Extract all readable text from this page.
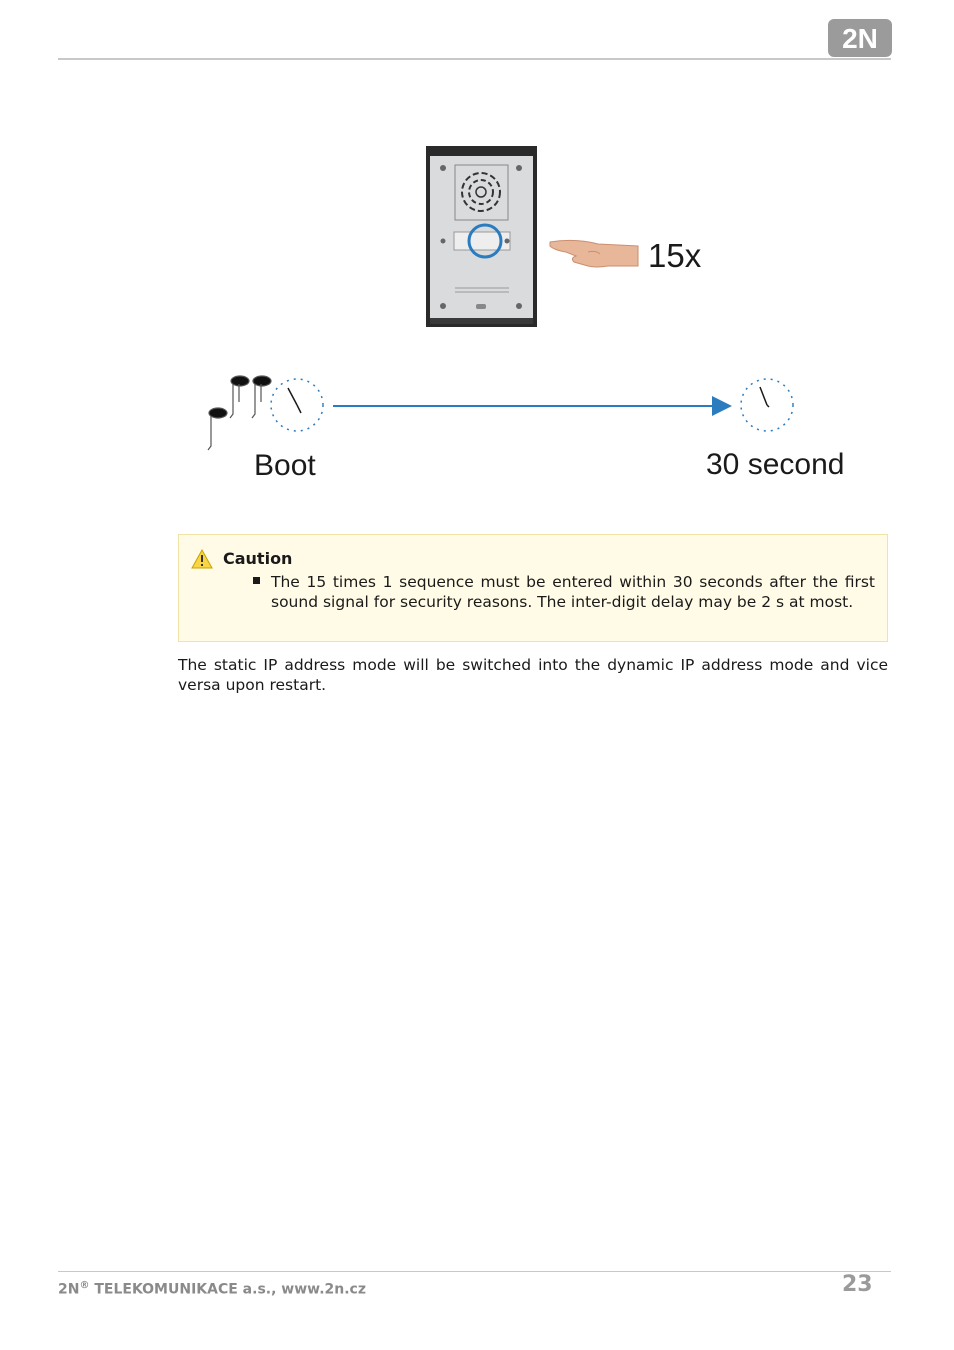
2N
15x
Boot	30 second
Caution
The 15 times 1 sequence must be entered within 30 seconds after the first sound signal for security reasons. The inter-digit delay may be 2 s at most.
The static IP address mode will be switched into the dynamic IP address mode and vice versa upon restart.
2N® TELEKOMUNIKACE a.s., www.2n.cz	23
